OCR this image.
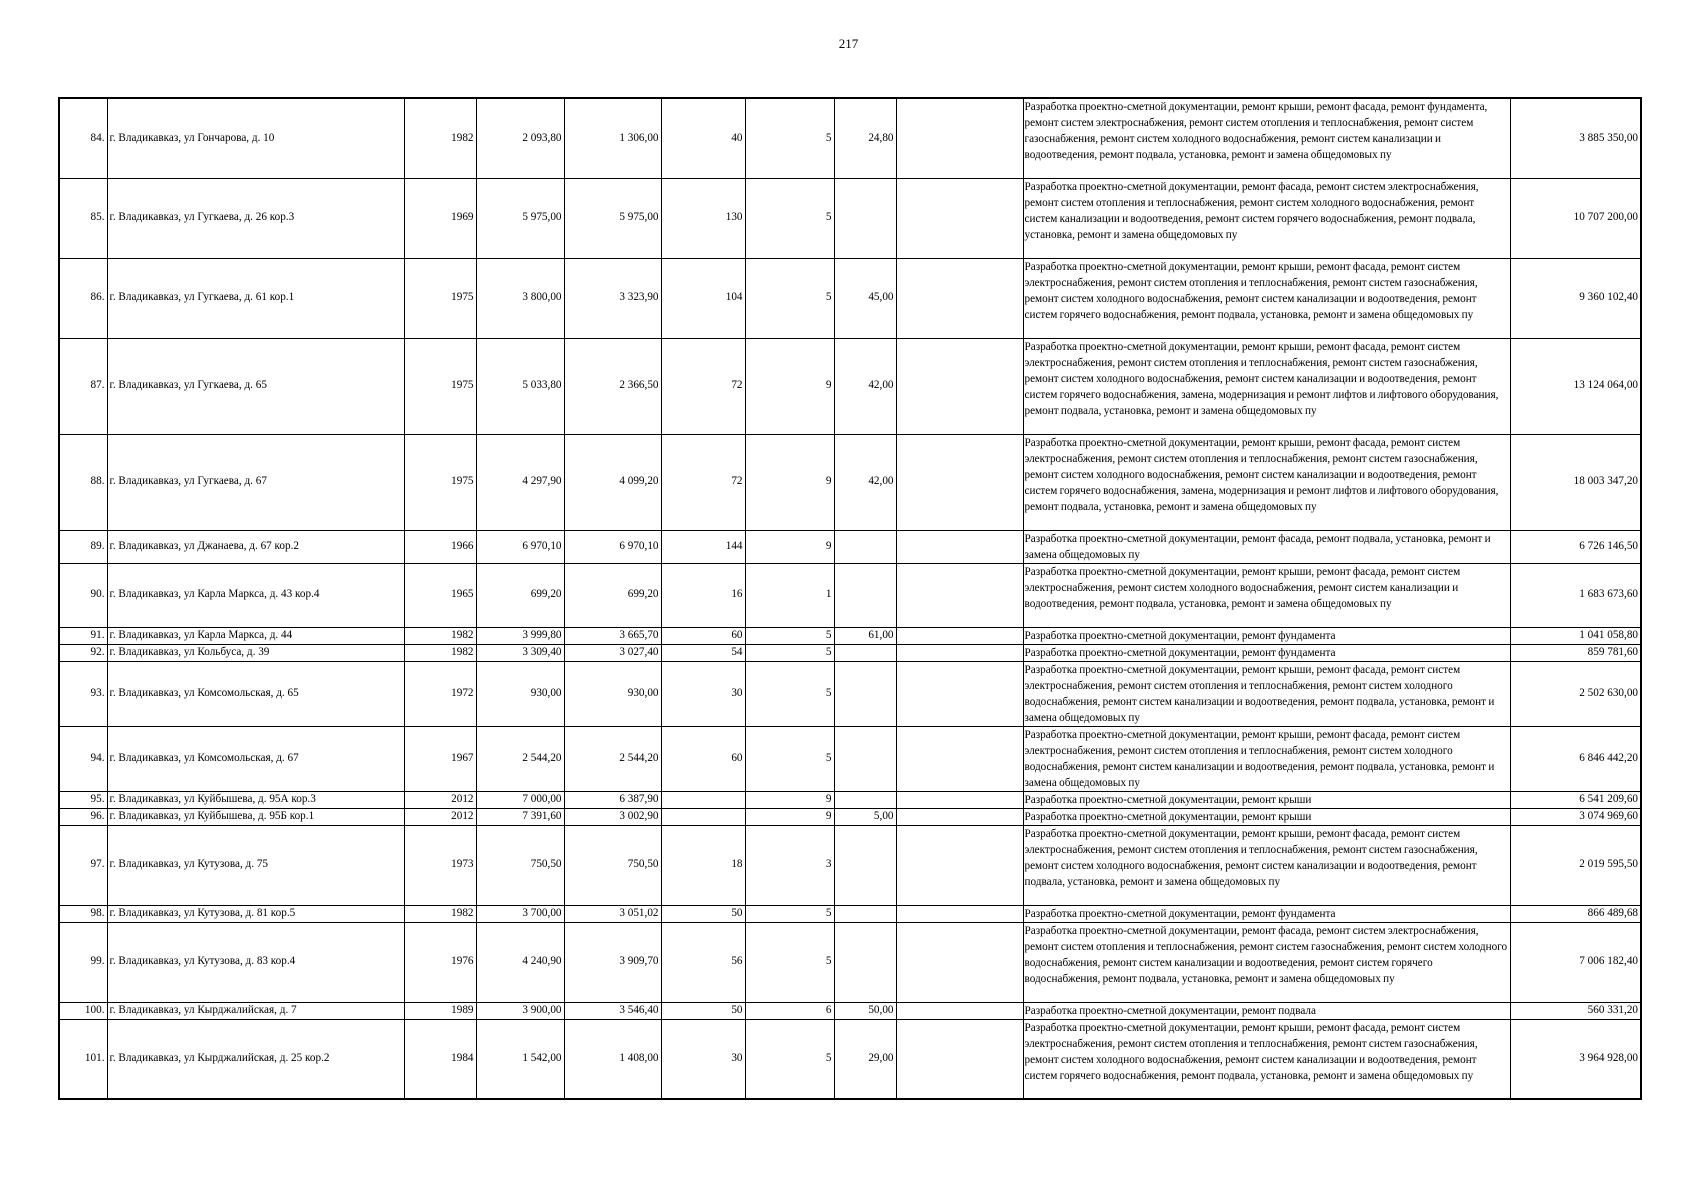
217
84.	г. Владикавказ, ул Гончарова, д. 10	1982	2 093,80	1 306,00	40	5	24,80		Разработка проектно-сметной документации, ремонт крыши, ремонт фасада, ремонт фундамента, ремонт систем электроснабжения, ремонт систем отопления и теплоснабжения, ремонт систем газоснабжения, ремонт систем холодного водоснабжения, ремонт систем канализации и водоотведения, ремонт подвала, установка, ремонт и замена общедомовых пу	3 885 350,00
85.	г. Владикавказ, ул Гугкаева, д. 26 кор.3	1969	5 975,00	5 975,00	130	5			Разработка проектно-сметной документации, ремонт фасада, ремонт систем электроснабжения, ремонт систем отопления и теплоснабжения, ремонт систем холодного водоснабжения, ремонт систем канализации и водоотведения, ремонт систем горячего водоснабжения, ремонт подвала, установка, ремонт и замена общедомовых пу	10 707 200,00
86.	г. Владикавказ, ул Гугкаева, д. 61 кор.1	1975	3 800,00	3 323,90	104	5	45,00		Разработка проектно-сметной документации, ремонт крыши, ремонт фасада, ремонт систем электроснабжения, ремонт систем отопления и теплоснабжения, ремонт систем газоснабжения, ремонт систем холодного водоснабжения, ремонт систем канализации и водоотведения, ремонт систем горячего водоснабжения, ремонт подвала, установка, ремонт и замена общедомовых пу	9 360 102,40
87.	г. Владикавказ, ул Гугкаева, д. 65	1975	5 033,80	2 366,50	72	9	42,00		Разработка проектно-сметной документации, ремонт крыши, ремонт фасада, ремонт систем электроснабжения, ремонт систем отопления и теплоснабжения, ремонт систем газоснабжения, ремонт систем холодного водоснабжения, ремонт систем канализации и водоотведения, ремонт систем горячего водоснабжения, замена, модернизация и ремонт лифтов и лифтового оборудования, ремонт подвала, установка, ремонт и замена общедомовых пу	13 124 064,00
88.	г. Владикавказ, ул Гугкаева, д. 67	1975	4 297,90	4 099,20	72	9	42,00		Разработка проектно-сметной документации, ремонт крыши, ремонт фасада, ремонт систем электроснабжения, ремонт систем отопления и теплоснабжения, ремонт систем газоснабжения, ремонт систем холодного водоснабжения, ремонт систем канализации и водоотведения, ремонт систем горячего водоснабжения, замена, модернизация и ремонт лифтов и лифтового оборудования, ремонт подвала, установка, ремонт и замена общедомовых пу	18 003 347,20
89.	г. Владикавказ, ул Джанаева, д. 67 кор.2	1966	6 970,10	6 970,10	144	9			Разработка проектно-сметной документации, ремонт фасада, ремонт подвала, установка, ремонт и замена общедомовых пу	6 726 146,50
90.	г. Владикавказ, ул Карла Маркса, д. 43 кор.4	1965	699,20	699,20	16	1			Разработка проектно-сметной документации, ремонт крыши, ремонт фасада, ремонт систем электроснабжения, ремонт систем холодного водоснабжения, ремонт систем канализации и водоотведения, ремонт подвала, установка, ремонт и замена общедомовых пу	1 683 673,60
91.	г. Владикавказ, ул Карла Маркса, д. 44	1982	3 999,80	3 665,70	60	5	61,00		Разработка проектно-сметной документации, ремонт фундамента	1 041 058,80
92.	г. Владикавказ, ул Кольбуса, д. 39	1982	3 309,40	3 027,40	54	5			Разработка проектно-сметной документации, ремонт фундамента	859 781,60
93.	г. Владикавказ, ул Комсомольская, д. 65	1972	930,00	930,00	30	5			Разработка проектно-сметной документации, ремонт крыши, ремонт фасада, ремонт систем электроснабжения, ремонт систем отопления и теплоснабжения, ремонт систем холодного водоснабжения, ремонт систем канализации и водоотведения, ремонт подвала, установка, ремонт и замена общедомовых пу	2 502 630,00
94.	г. Владикавказ, ул Комсомольская, д. 67	1967	2 544,20	2 544,20	60	5			Разработка проектно-сметной документации, ремонт крыши, ремонт фасада, ремонт систем электроснабжения, ремонт систем отопления и теплоснабжения, ремонт систем холодного водоснабжения, ремонт систем канализации и водоотведения, ремонт подвала, установка, ремонт и замена общедомовых пу	6 846 442,20
95.	г. Владикавказ, ул Куйбышева, д. 95А кор.3	2012	7 000,00	6 387,90		9			Разработка проектно-сметной документации, ремонт крыши	6 541 209,60
96.	г. Владикавказ, ул Куйбышева, д. 95Б кор.1	2012	7 391,60	3 002,90		9	5,00		Разработка проектно-сметной документации, ремонт крыши	3 074 969,60
97.	г. Владикавказ, ул Кутузова, д. 75	1973	750,50	750,50	18	3			Разработка проектно-сметной документации, ремонт крыши, ремонт фасада, ремонт систем электроснабжения, ремонт систем отопления и теплоснабжения, ремонт систем газоснабжения, ремонт систем холодного водоснабжения, ремонт систем канализации и водоотведения, ремонт подвала, установка, ремонт и замена общедомовых пу	2 019 595,50
98.	г. Владикавказ, ул Кутузова, д. 81 кор.5	1982	3 700,00	3 051,02	50	5			Разработка проектно-сметной документации, ремонт фундамента	866 489,68
99.	г. Владикавказ, ул Кутузова, д. 83 кор.4	1976	4 240,90	3 909,70	56	5			Разработка проектно-сметной документации, ремонт фасада, ремонт систем электроснабжения, ремонт систем отопления и теплоснабжения, ремонт систем газоснабжения, ремонт систем холодного водоснабжения, ремонт систем канализации и водоотведения, ремонт систем горячего водоснабжения, ремонт подвала, установка, ремонт и замена общедомовых пу	7 006 182,40
100.	г. Владикавказ, ул Кырджалийская, д. 7	1989	3 900,00	3 546,40	50	6	50,00		Разработка проектно-сметной документации, ремонт подвала	560 331,20
101.	г. Владикавказ, ул Кырджалийская, д. 25 кор.2	1984	1 542,00	1 408,00	30	5	29,00		Разработка проектно-сметной документации, ремонт крыши, ремонт фасада, ремонт систем электроснабжения, ремонт систем отопления и теплоснабжения, ремонт систем газоснабжения, ремонт систем холодного водоснабжения, ремонт систем канализации и водоотведения, ремонт систем горячего водоснабжения, ремонт подвала, установка, ремонт и замена общедомовых пу	3 964 928,00
